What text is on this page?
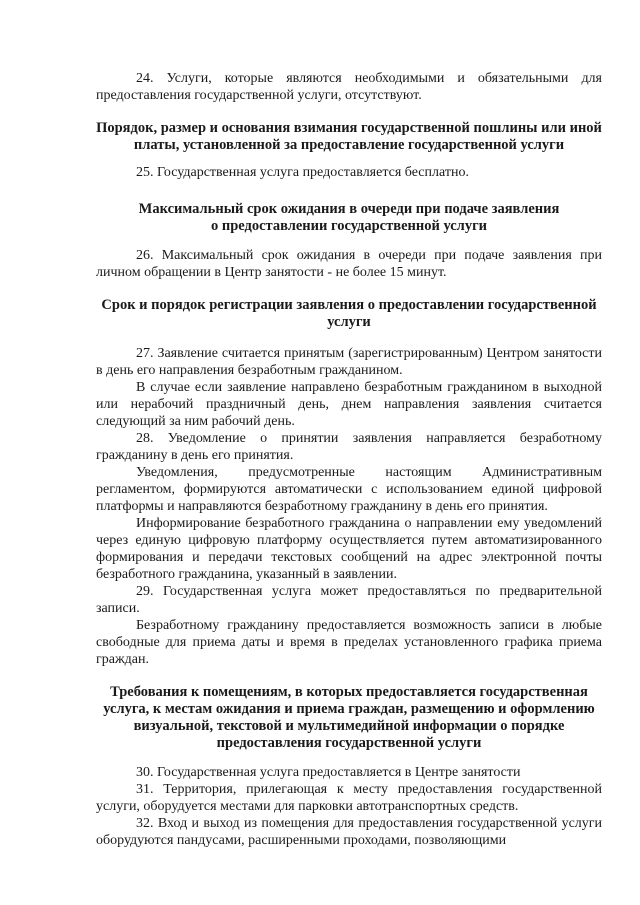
24. Услуги, которые являются необходимыми и обязательными для предоставления государственной услуги, отсутствуют.

Порядок, размер и основания взимания государственной пошлины или иной платы, установленной за предоставление государственной услуги

25. Государственная услуга предоставляется бесплатно.

Максимальный срок ожидания в очереди при подаче заявления

о предоставлении государственной услуги

26. Максимальный срок ожидания в очереди при подаче заявления при личном обращении в Центр занятости - не более 15 минут.

Срок и порядок регистрации заявления о предоставлении государственной услуги

27. Заявление считается принятым (зарегистрированным) Центром занятости в день его направления безработным гражданином.

В случае если заявление направлено безработным гражданином в выходной или нерабочий праздничный день, днем направления заявления считается следующий за ним рабочий день.

28. Уведомление о принятии заявления направляется безработному гражданину в день его принятия.

Уведомления, предусмотренные настоящим Административным регламентом, формируются автоматически с использованием единой цифровой платформы и направляются безработному гражданину в день его принятия.

Информирование безработного гражданина о направлении ему уведомлений через единую цифровую платформу осуществляется путем автоматизированного формирования и передачи текстовых сообщений на адрес электронной почты безработного гражданина, указанный в заявлении.

29. Государственная услуга может предоставляться по предварительной записи.

Безработному гражданину предоставляется возможность записи в любые свободные для приема даты и время в пределах установленного графика приема граждан.

Требования к помещениям, в которых предоставляется государственная услуга, к местам ожидания и приема граждан, размещению и оформлению визуальной, текстовой и мультимедийной информации о порядке предоставления государственной услуги

30. Государственная услуга предоставляется в Центре занятости

31. Территория, прилегающая к месту предоставления государственной услуги, оборудуется местами для парковки автотранспортных средств.

32. Вход и выход из помещения для предоставления государственной услуги оборудуются пандусами, расширенными проходами, позволяющими
